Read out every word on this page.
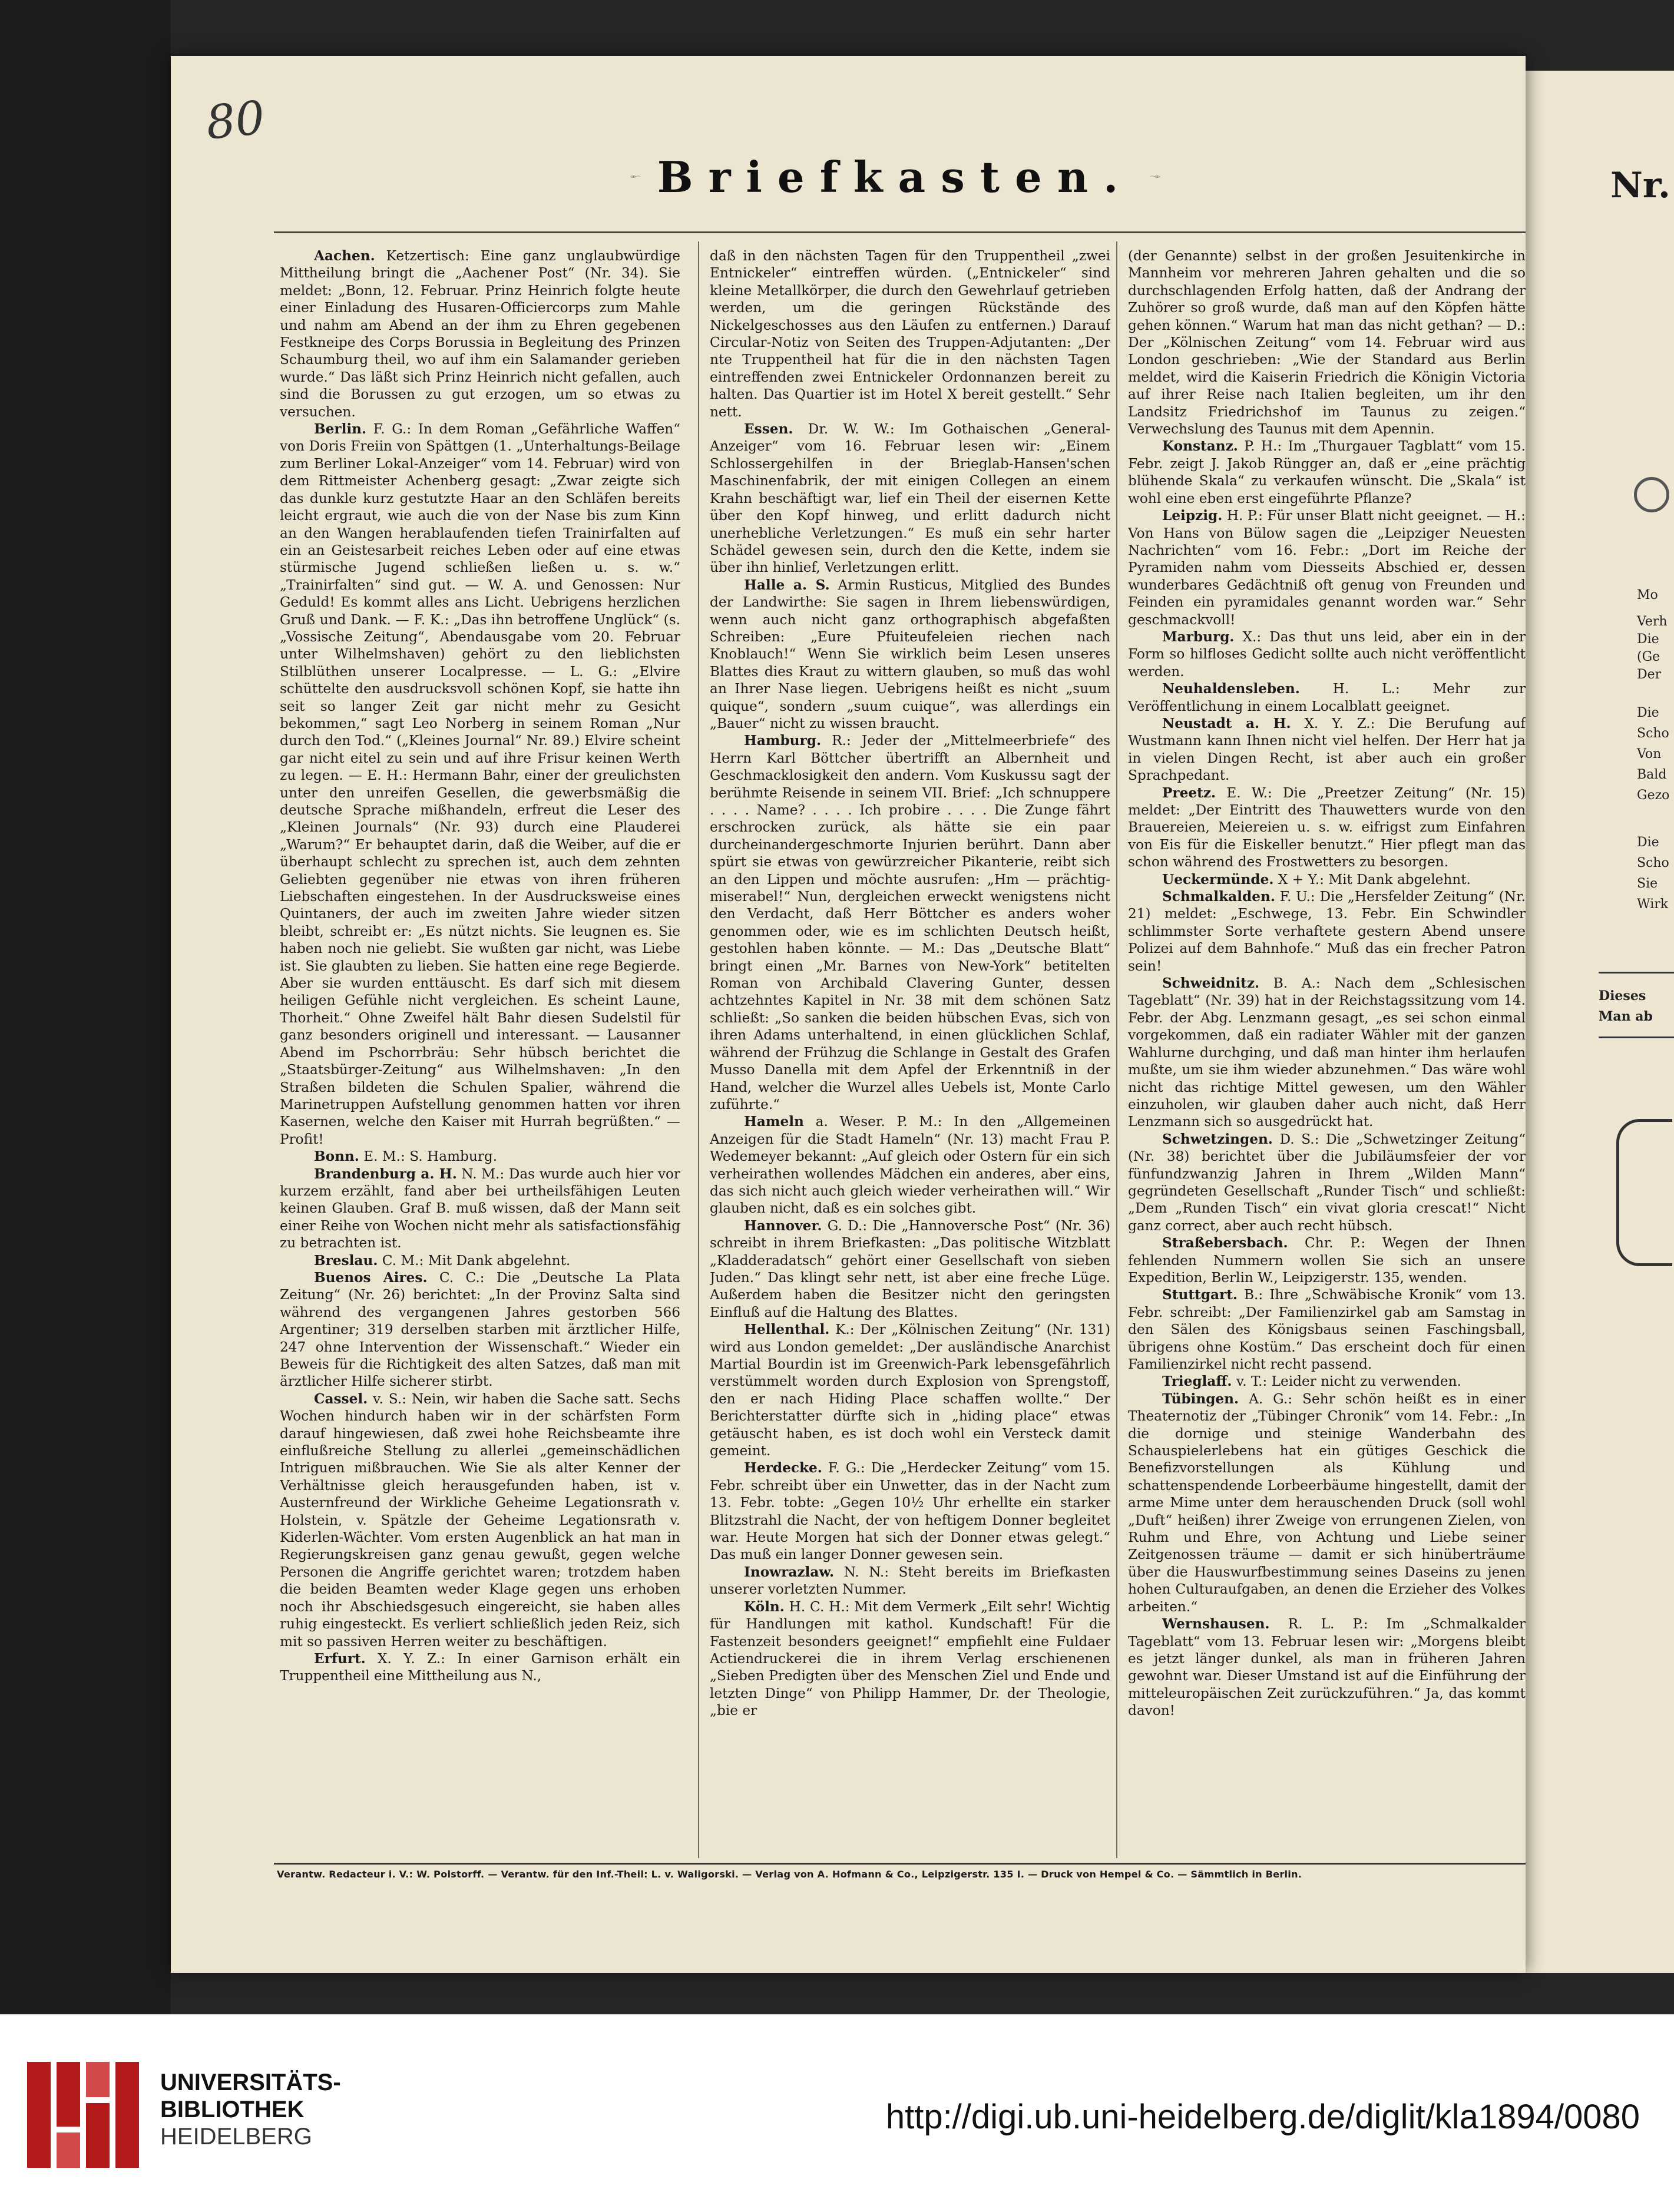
Nr.
Mo
Verh
Die
(Ge
Der
Die
Scho
Von
Bald
Gezo
Die
Scho
Sie
Wirk
Dieses
Man ab
80
Briefkasten.

Aachen. Ketzertisch: Eine ganz unglaubwürdige Mittheilung bringt die „Aachener Post“ (Nr. 34). Sie meldet: „Bonn, 12. Februar. Prinz Heinrich folgte heute einer Einladung des Husaren-Officiercorps zum Mahle und nahm am Abend an der ihm zu Ehren gegebenen Festkneipe des Corps Borussia in Begleitung des Prinzen Schaumburg theil, wo auf ihm ein Salamander gerieben wurde.“ Das läßt sich Prinz Heinrich nicht gefallen, auch sind die Borussen zu gut erzogen, um so etwas zu versuchen.

Berlin. F. G.: In dem Roman „Gefährliche Waffen“ von Doris Freiin von Spättgen (1. „Unterhaltungs-Beilage zum Berliner Lokal-Anzeiger“ vom 14. Februar) wird von dem Rittmeister Achenberg gesagt: „Zwar zeigte sich das dunkle kurz gestutzte Haar an den Schläfen bereits leicht ergraut, wie auch die von der Nase bis zum Kinn an den Wangen herablaufenden tiefen Trainirfalten auf ein an Geistesarbeit reiches Leben oder auf eine etwas stürmische Jugend schließen ließen u. s. w.“ „Trainirfalten“ sind gut. — W. A. und Genossen: Nur Geduld! Es kommt alles ans Licht. Uebrigens herzlichen Gruß und Dank. — F. K.: „Das ihn betroffene Unglück“ (s. „Vossische Zeitung“, Abendausgabe vom 20. Februar unter Wilhelmshaven) gehört zu den lieblichsten Stilblüthen unserer Localpresse. — L. G.: „Elvire schüttelte den ausdrucksvoll schönen Kopf, sie hatte ihn seit so langer Zeit gar nicht mehr zu Gesicht bekommen,“ sagt Leo Norberg in seinem Roman „Nur durch den Tod.“ („Kleines Journal“ Nr. 89.) Elvire scheint gar nicht eitel zu sein und auf ihre Frisur keinen Werth zu legen. — E. H.: Hermann Bahr, einer der greulichsten unter den unreifen Gesellen, die gewerbsmäßig die deutsche Sprache mißhandeln, erfreut die Leser des „Kleinen Journals“ (Nr. 93) durch eine Plauderei „Warum?“ Er behauptet darin, daß die Weiber, auf die er überhaupt schlecht zu sprechen ist, auch dem zehnten Geliebten gegenüber nie etwas von ihren früheren Liebschaften eingestehen. In der Ausdrucksweise eines Quintaners, der auch im zweiten Jahre wieder sitzen bleibt, schreibt er: „Es nützt nichts. Sie leugnen es. Sie haben noch nie geliebt. Sie wußten gar nicht, was Liebe ist. Sie glaubten zu lieben. Sie hatten eine rege Begierde. Aber sie wurden enttäuscht. Es darf sich mit diesem heiligen Gefühle nicht vergleichen. Es scheint Laune, Thorheit.“ Ohne Zweifel hält Bahr diesen Sudelstil für ganz besonders originell und interessant. — Lausanner Abend im Pschorrbräu: Sehr hübsch berichtet die „Staatsbürger-Zeitung“ aus Wilhelmshaven: „In den Straßen bildeten die Schulen Spalier, während die Marinetruppen Aufstellung genommen hatten vor ihren Kasernen, welche den Kaiser mit Hurrah begrüßten.“ — Profit!

Bonn. E. M.: S. Hamburg.

Brandenburg a. H. N. M.: Das wurde auch hier vor kurzem erzählt, fand aber bei urtheilsfähigen Leuten keinen Glauben. Graf B. muß wissen, daß der Mann seit einer Reihe von Wochen nicht mehr als satisfactionsfähig zu betrachten ist.

Breslau. C. M.: Mit Dank abgelehnt.

Buenos Aires. C. C.: Die „Deutsche La Plata Zeitung“ (Nr. 26) berichtet: „In der Provinz Salta sind während des vergangenen Jahres gestorben 566 Argentiner; 319 derselben starben mit ärztlicher Hilfe, 247 ohne Intervention der Wissenschaft.“ Wieder ein Beweis für die Richtigkeit des alten Satzes, daß man mit ärztlicher Hilfe sicherer stirbt.

Cassel. v. S.: Nein, wir haben die Sache satt. Sechs Wochen hindurch haben wir in der schärfsten Form darauf hingewiesen, daß zwei hohe Reichsbeamte ihre einflußreiche Stellung zu allerlei „gemeinschädlichen Intriguen mißbrauchen. Wie Sie als alter Kenner der Verhältnisse gleich herausgefunden haben, ist v. Austernfreund der Wirkliche Geheime Legationsrath v. Holstein, v. Spätzle der Geheime Legationsrath v. Kiderlen-Wächter. Vom ersten Augenblick an hat man in Regierungskreisen ganz genau gewußt, gegen welche Personen die Angriffe gerichtet waren; trotzdem haben die beiden Beamten weder Klage gegen uns erhoben noch ihr Abschiedsgesuch eingereicht, sie haben alles ruhig eingesteckt. Es verliert schließlich jeden Reiz, sich mit so passiven Herren weiter zu beschäftigen.

Erfurt. X. Y. Z.: In einer Garnison erhält ein Truppentheil eine Mittheilung aus N.,

daß in den nächsten Tagen für den Truppentheil „zwei Entnickeler“ eintreffen würden. („Entnickeler“ sind kleine Metallkörper, die durch den Gewehrlauf getrieben werden, um die geringen Rückstände des Nickelgeschosses aus den Läufen zu entfernen.) Darauf Circular-Notiz von Seiten des Truppen-Adjutanten: „Der nte Truppentheil hat für die in den nächsten Tagen eintreffenden zwei Entnickeler Ordonnanzen bereit zu halten. Das Quartier ist im Hotel X bereit gestellt.“ Sehr nett.

Essen. Dr. W. W.: Im Gothaischen „General-Anzeiger“ vom 16. Februar lesen wir: „Einem Schlossergehilfen in der Brieglab-Hansen'schen Maschinenfabrik, der mit einigen Collegen an einem Krahn beschäftigt war, lief ein Theil der eisernen Kette über den Kopf hinweg, und erlitt dadurch nicht unerhebliche Verletzungen.“ Es muß ein sehr harter Schädel gewesen sein, durch den die Kette, indem sie über ihn hinlief, Verletzungen erlitt.

Halle a. S. Armin Rusticus, Mitglied des Bundes der Landwirthe: Sie sagen in Ihrem liebenswürdigen, wenn auch nicht ganz orthographisch abgefaßten Schreiben: „Eure Pfuiteufeleien riechen nach Knoblauch!“ Wenn Sie wirklich beim Lesen unseres Blattes dies Kraut zu wittern glauben, so muß das wohl an Ihrer Nase liegen. Uebrigens heißt es nicht „suum quique“, sondern „suum cuique“, was allerdings ein „Bauer“ nicht zu wissen braucht.

Hamburg. R.: Jeder der „Mittelmeerbriefe“ des Herrn Karl Böttcher übertrifft an Albernheit und Geschmacklosigkeit den andern. Vom Kuskussu sagt der berühmte Reisende in seinem VII. Brief: „Ich schnuppere . . . . Name? . . . . Ich probire . . . . Die Zunge fährt erschrocken zurück, als hätte sie ein paar durcheinandergeschmorte Injurien berührt. Dann aber spürt sie etwas von gewürzreicher Pikanterie, reibt sich an den Lippen und möchte ausrufen: „Hm — prächtig-miserabel!“ Nun, dergleichen erweckt wenigstens nicht den Verdacht, daß Herr Böttcher es anders woher genommen oder, wie es im schlichten Deutsch heißt, gestohlen haben könnte. — M.: Das „Deutsche Blatt“ bringt einen „Mr. Barnes von New-York“ betitelten Roman von Archibald Clavering Gunter, dessen achtzehntes Kapitel in Nr. 38 mit dem schönen Satz schließt: „So sanken die beiden hübschen Evas, sich von ihren Adams unterhaltend, in einen glücklichen Schlaf, während der Frühzug die Schlange in Gestalt des Grafen Musso Danella mit dem Apfel der Erkenntniß in der Hand, welcher die Wurzel alles Uebels ist, Monte Carlo zuführte.“

Hameln a. Weser. P. M.: In den „Allgemeinen Anzeigen für die Stadt Hameln“ (Nr. 13) macht Frau P. Wedemeyer bekannt: „Auf gleich oder Ostern für ein sich verheirathen wollendes Mädchen ein anderes, aber eins, das sich nicht auch gleich wieder verheirathen will.“ Wir glauben nicht, daß es ein solches gibt.

Hannover. G. D.: Die „Hannoversche Post“ (Nr. 36) schreibt in ihrem Briefkasten: „Das politische Witzblatt „Kladderadatsch“ gehört einer Gesellschaft von sieben Juden.“ Das klingt sehr nett, ist aber eine freche Lüge. Außerdem haben die Besitzer nicht den geringsten Einfluß auf die Haltung des Blattes.

Hellenthal. K.: Der „Kölnischen Zeitung“ (Nr. 131) wird aus London gemeldet: „Der ausländische Anarchist Martial Bourdin ist im Greenwich-Park lebensgefährlich verstümmelt worden durch Explosion von Sprengstoff, den er nach Hiding Place schaffen wollte.“ Der Berichterstatter dürfte sich in „hiding place“ etwas getäuscht haben, es ist doch wohl ein Versteck damit gemeint.

Herdecke. F. G.: Die „Herdecker Zeitung“ vom 15. Febr. schreibt über ein Unwetter, das in der Nacht zum 13. Febr. tobte: „Gegen 10½ Uhr erhellte ein starker Blitzstrahl die Nacht, der von heftigem Donner begleitet war. Heute Morgen hat sich der Donner etwas gelegt.“ Das muß ein langer Donner gewesen sein.

Inowrazlaw. N. N.: Steht bereits im Briefkasten unserer vorletzten Nummer.

Köln. H. C. H.: Mit dem Vermerk „Eilt sehr! Wichtig für Handlungen mit kathol. Kundschaft! Für die Fastenzeit besonders geeignet!“ empfiehlt eine Fuldaer Actiendruckerei die in ihrem Verlag erschienenen „Sieben Predigten über des Menschen Ziel und Ende und letzten Dinge“ von Philipp Hammer, Dr. der Theologie, „bie er

(der Genannte) selbst in der großen Jesuitenkirche in Mannheim vor mehreren Jahren gehalten und die so durchschlagenden Erfolg hatten, daß der Andrang der Zuhörer so groß wurde, daß man auf den Köpfen hätte gehen können.“ Warum hat man das nicht gethan? — D.: Der „Kölnischen Zeitung“ vom 14. Februar wird aus London geschrieben: „Wie der Standard aus Berlin meldet, wird die Kaiserin Friedrich die Königin Victoria auf ihrer Reise nach Italien begleiten, um ihr den Landsitz Friedrichshof im Taunus zu zeigen.“ Verwechslung des Taunus mit dem Apennin.

Konstanz. P. H.: Im „Thurgauer Tagblatt“ vom 15. Febr. zeigt J. Jakob Rüngger an, daß er „eine prächtig blühende Skala“ zu verkaufen wünscht. Die „Skala“ ist wohl eine eben erst eingeführte Pflanze?

Leipzig. H. P.: Für unser Blatt nicht geeignet. — H.: Von Hans von Bülow sagen die „Leipziger Neuesten Nachrichten“ vom 16. Febr.: „Dort im Reiche der Pyramiden nahm vom Diesseits Abschied er, dessen wunderbares Gedächtniß oft genug von Freunden und Feinden ein pyramidales genannt worden war.“ Sehr geschmackvoll!

Marburg. X.: Das thut uns leid, aber ein in der Form so hilfloses Gedicht sollte auch nicht veröffentlicht werden.

Neuhaldensleben. H. L.: Mehr zur Veröffentlichung in einem Localblatt geeignet.

Neustadt a. H. X. Y. Z.: Die Berufung auf Wustmann kann Ihnen nicht viel helfen. Der Herr hat ja in vielen Dingen Recht, ist aber auch ein großer Sprachpedant.

Preetz. E. W.: Die „Preetzer Zeitung“ (Nr. 15) meldet: „Der Eintritt des Thauwetters wurde von den Brauereien, Meiereien u. s. w. eifrigst zum Einfahren von Eis für die Eiskeller benutzt.“ Hier pflegt man das schon während des Frostwetters zu besorgen.

Ueckermünde. X + Y.: Mit Dank abgelehnt.

Schmalkalden. F. U.: Die „Hersfelder Zeitung“ (Nr. 21) meldet: „Eschwege, 13. Febr. Ein Schwindler schlimmster Sorte verhaftete gestern Abend unsere Polizei auf dem Bahnhofe.“ Muß das ein frecher Patron sein!

Schweidnitz. B. A.: Nach dem „Schlesischen Tageblatt“ (Nr. 39) hat in der Reichstagssitzung vom 14. Febr. der Abg. Lenzmann gesagt, „es sei schon einmal vorgekommen, daß ein radiater Wähler mit der ganzen Wahlurne durchging, und daß man hinter ihm herlaufen mußte, um sie ihm wieder abzunehmen.“ Das wäre wohl nicht das richtige Mittel gewesen, um den Wähler einzuholen, wir glauben daher auch nicht, daß Herr Lenzmann sich so ausgedrückt hat.

Schwetzingen. D. S.: Die „Schwetzinger Zeitung“ (Nr. 38) berichtet über die Jubiläumsfeier der vor fünfundzwanzig Jahren in Ihrem „Wilden Mann“ gegründeten Gesellschaft „Runder Tisch“ und schließt: „Dem „Runden Tisch“ ein vivat gloria crescat!“ Nicht ganz correct, aber auch recht hübsch.

Straßebersbach. Chr. P.: Wegen der Ihnen fehlenden Nummern wollen Sie sich an unsere Expedition, Berlin W., Leipzigerstr. 135, wenden.

Stuttgart. B.: Ihre „Schwäbische Kronik“ vom 13. Febr. schreibt: „Der Familienzirkel gab am Samstag in den Sälen des Königsbaus seinen Faschingsball, übrigens ohne Kostüm.“ Das erscheint doch für einen Familienzirkel nicht recht passend.

Trieglaff. v. T.: Leider nicht zu verwenden.

Tübingen. A. G.: Sehr schön heißt es in einer Theaternotiz der „Tübinger Chronik“ vom 14. Febr.: „In die dornige und steinige Wanderbahn des Schauspielerlebens hat ein gütiges Geschick die Benefizvorstellungen als Kühlung und schattenspendende Lorbeerbäume hingestellt, damit der arme Mime unter dem herauschenden Druck (soll wohl „Duft“ heißen) ihrer Zweige von errungenen Zielen, von Ruhm und Ehre, von Achtung und Liebe seiner Zeitgenossen träume — damit er sich hinüberträume über die Hauswurfbestimmung seines Daseins zu jenen hohen Culturaufgaben, an denen die Erzieher des Volkes arbeiten.“

Wernshausen. R. L. P.: Im „Schmalkalder Tageblatt“ vom 13. Februar lesen wir: „Morgens bleibt es jetzt länger dunkel, als man in früheren Jahren gewohnt war. Dieser Umstand ist auf die Einführung der mitteleuropäischen Zeit zurückzuführen.“ Ja, das kommt davon!

Verantw. Redacteur i. V.: W. Polstorff. — Verantw. für den Inf.-Theil: L. v. Waligorski. — Verlag von A. Hofmann & Co., Leipzigerstr. 135 I. — Druck von Hempel & Co. — Sämmtlich in Berlin.
UNIVERSITÄTS-
BIBLIOTHEK
HEIDELBERG
http://digi.ub.uni-heidelberg.de/diglit/kla1894/0080
